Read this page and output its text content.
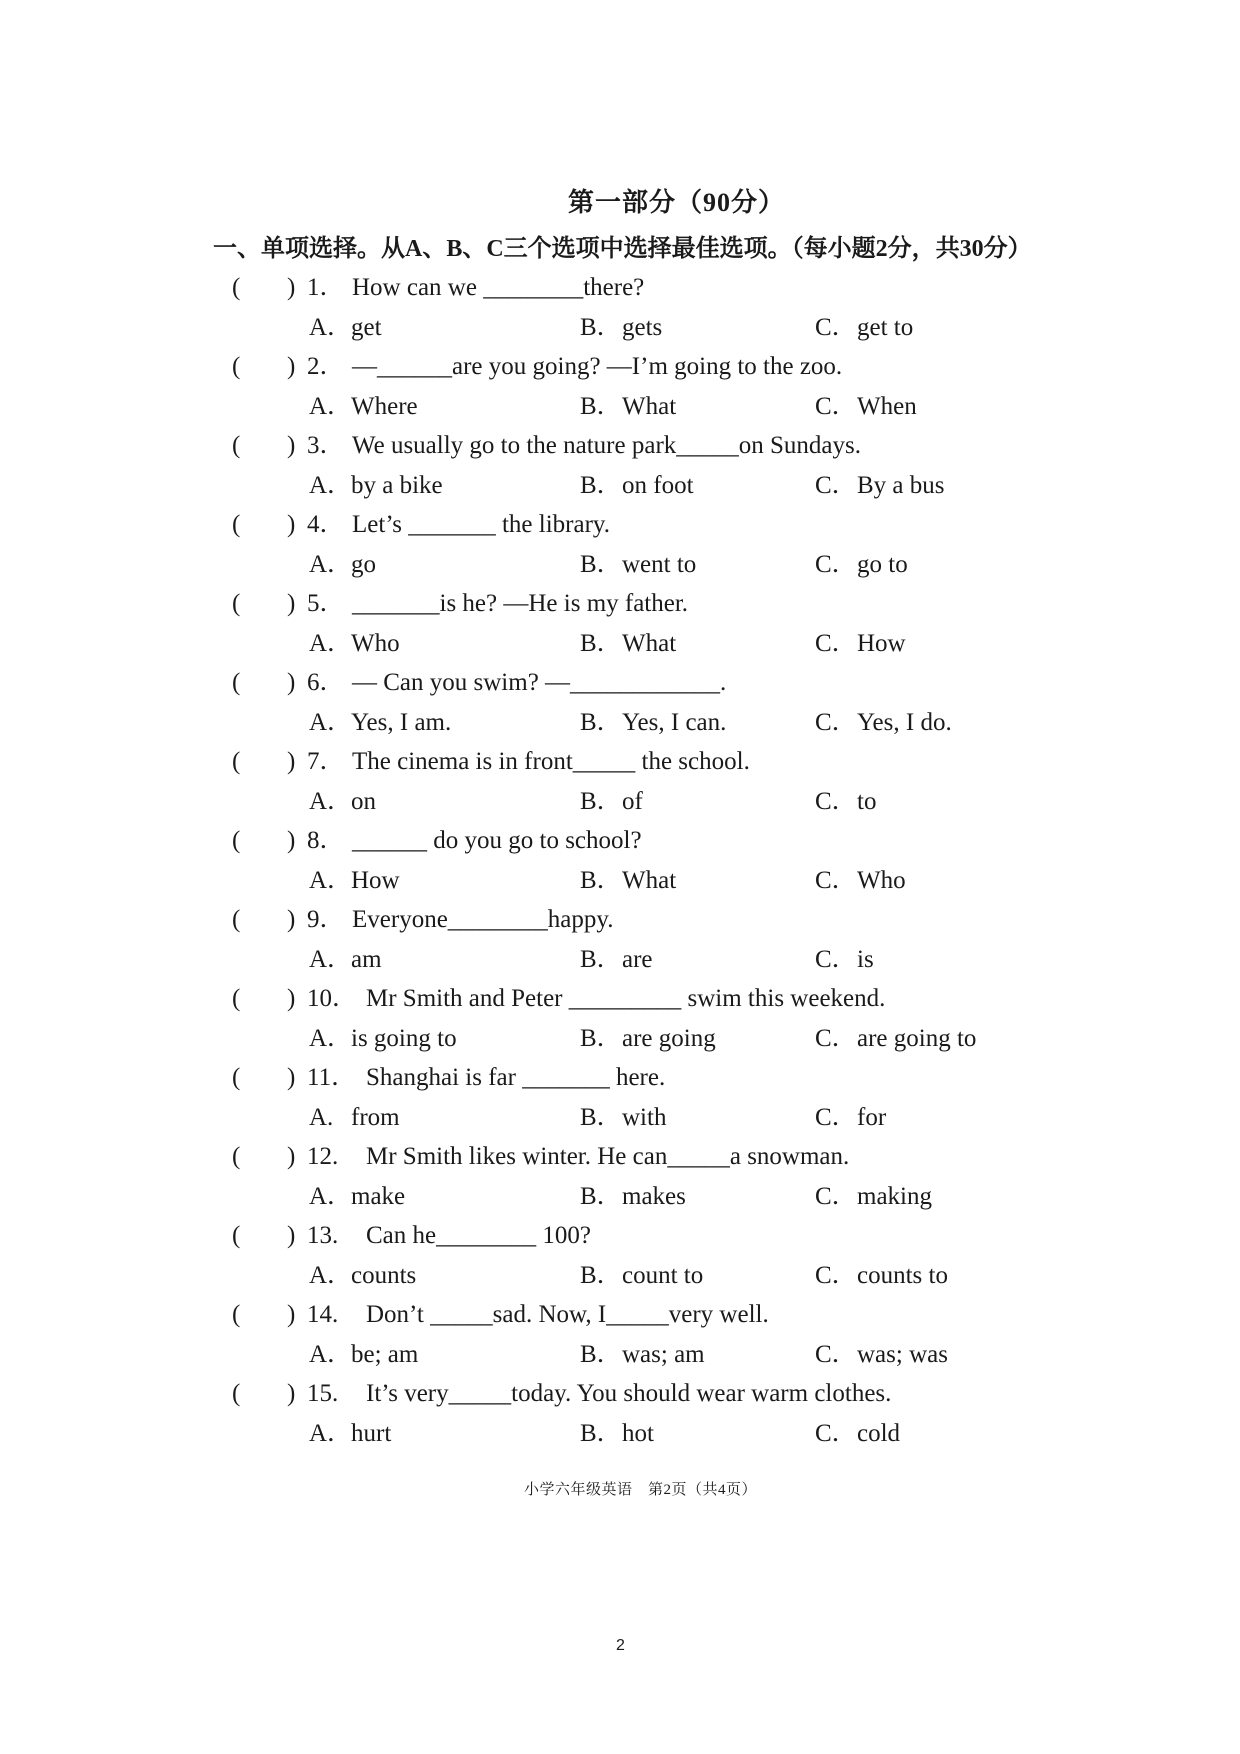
第一部分（90分）
一、单项选择。从A、B、C三个选项中选择最佳选项。（每小题2分，共30分）
( ) 1． How can we ________there?
A．get	B．gets	C．get to
( ) 2． —______are you going? —I’m going to the zoo.
A．Where	B．What	C．When
( ) 3． We usually go to the nature park_____on Sundays.
A．by a bike	B．on foot	C．By a bus
( ) 4． Let’s _______ the library.
A．go	B．went to	C．go to
( ) 5． _______is he? —He is my father.
A．Who	B．What	C．How
( ) 6． — Can you swim? —____________.
A．Yes, I am.	B．Yes, I can.	C．Yes, I do.
( ) 7． The cinema is in front_____ the school.
A．on	B．of	C．to
( ) 8． ______ do you go to school?
A．How	B．What	C．Who
( ) 9． Everyone________happy.
A．am	B．are	C．is
( ) 10． Mr Smith and Peter _________ swim this weekend.
A．is going to	B．are going	C．are going to
( ) 11． Shanghai is far _______ here.
A. from	B．with	C．for
( ) 12. Mr Smith likes winter. He can_____a snowman.
A．make	B．makes	C．making
( ) 13. Can he________ 100?
A．counts	B．count to	C．counts to
( ) 14. Don’t _____sad. Now, I_____very well.
A．be; am	B．was; am	C．was; was
( ) 15. It’s very_____today. You should wear warm clothes.
A．hurt	B．hot	C．cold
小学六年级英语　第2页（共4页）
2
